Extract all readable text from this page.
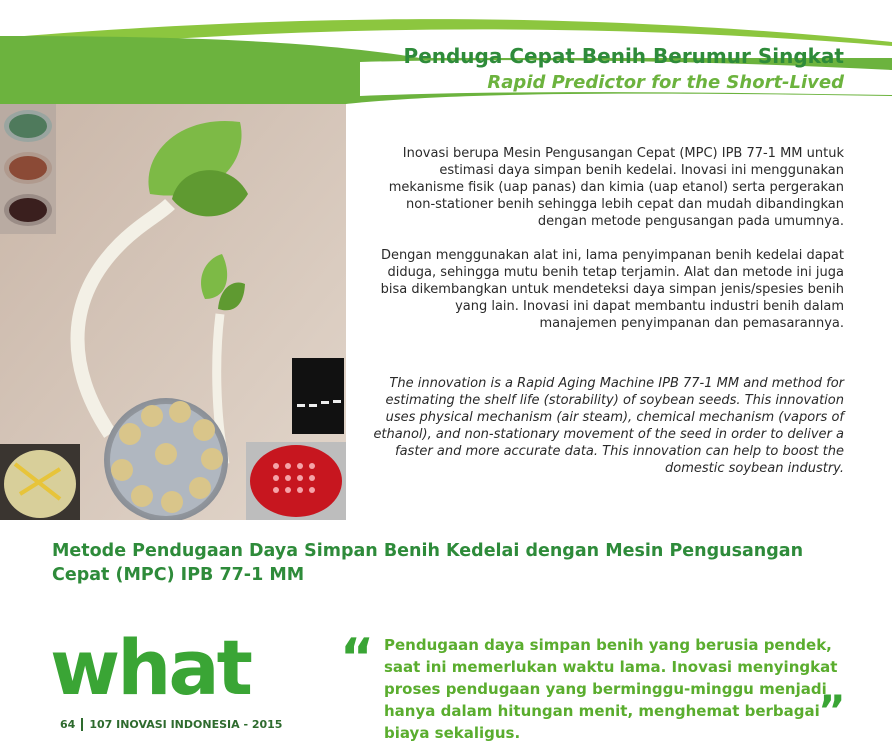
Penduga Cepat Benih Berumur Singkat
Rapid Predictor for the Short-Lived
Inovasi berupa Mesin Pengusangan Cepat (MPC) IPB 77-1 MM untuk estimasi daya simpan benih kedelai. Inovasi ini menggunakan mekanisme fisik (uap panas) dan kimia (uap etanol) serta pergerakan non-stationer benih sehingga lebih cepat dan mudah dibandingkan dengan metode pengusangan pada umumnya.
Dengan menggunakan alat ini, lama penyimpanan benih kedelai dapat diduga, sehingga mutu benih tetap terjamin. Alat dan metode ini juga bisa dikembangkan untuk mendeteksi daya simpan jenis/spesies benih yang lain. Inovasi ini dapat membantu industri benih dalam manajemen penyimpanan dan pemasarannya.
The innovation is a Rapid Aging Machine IPB 77-1 MM and method for estimating the shelf life (storability) of soybean seeds. This innovation uses physical mechanism (air steam), chemical mechanism (vapors of ethanol), and non-stationary movement of the seed in order to deliver a faster and more accurate data. This innovation can help to boost the domestic soybean industry.
Metode Pendugaan Daya Simpan Benih Kedelai dengan Mesin Pengusangan Cepat (MPC) IPB 77-1 MM
what
64 107 INOVASI INDONESIA - 2015
“ Pendugaan daya simpan benih yang berusia pendek, saat ini memerlukan waktu lama. Inovasi menyingkat proses pendugaan yang berminggu-minggu menjadi hanya dalam hitungan menit, menghemat berbagai biaya sekaligus.	”
